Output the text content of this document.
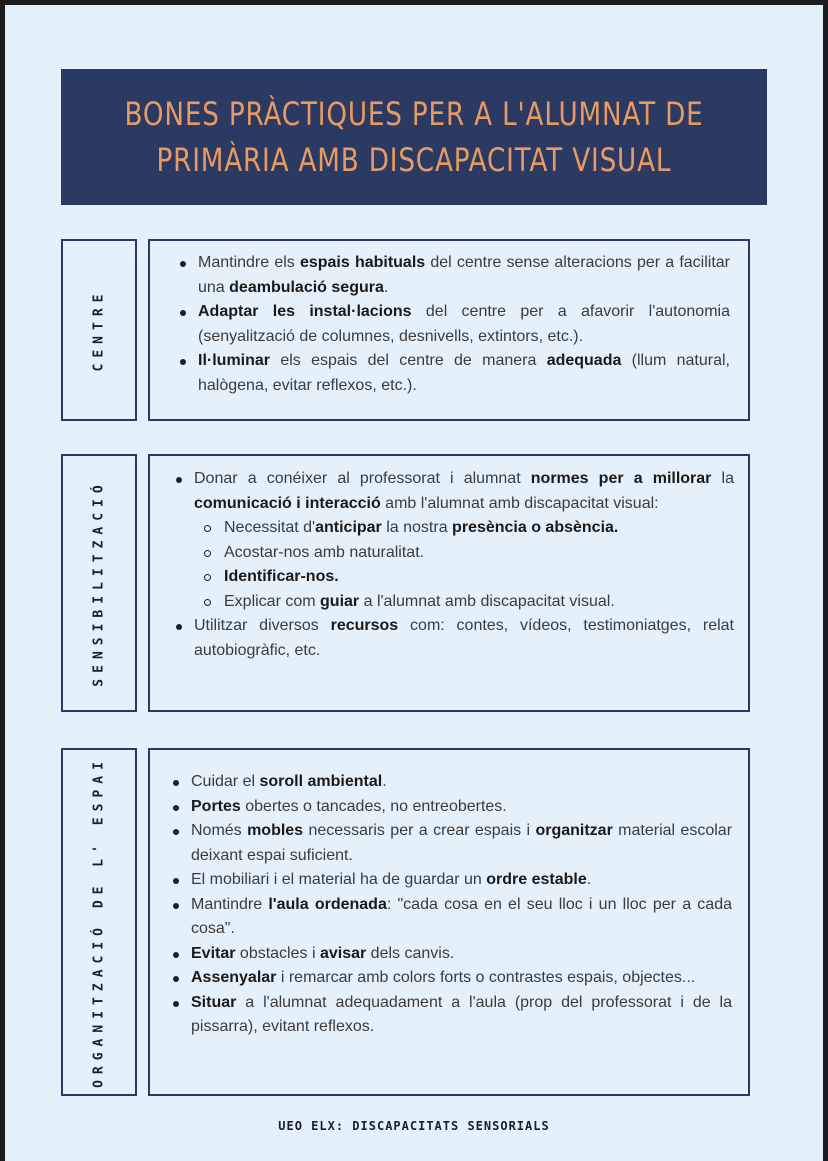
BONES PRÀCTIQUES PER A L'ALUMNAT DE
PRIMÀRIA AMB DISCAPACITAT VISUAL
CENTRE
Mantindre els espais habituals del centre sense alteracions per a facilitar una deambulació segura.
Adaptar les instal·lacions del centre per a afavorir l'autonomia (senyalització de columnes, desnivells, extintors, etc.).
Il·luminar els espais del centre de manera adequada (llum natural, halògena, evitar reflexos, etc.).
SENSIBILITZACIÓ
Donar a conéixer al professorat i alumnat normes per a millorar la comunicació i interacció amb l'alumnat amb discapacitat visual:
Necessitat d'anticipar la nostra presència o absència.
Acostar-nos amb naturalitat.
Identificar-nos.
Explicar com guiar a l'alumnat amb discapacitat visual.
Utilitzar diversos recursos com: contes, vídeos, testimoniatges, relat autobiogràfic, etc.
ORGANITZACIÓ DE L' ESPAI	Cuidar el soroll ambiental.
Portes obertes o tancades, no entreobertes.
Només mobles necessaris per a crear espais i organitzar material escolar deixant espai suficient.
El mobiliari i el material ha de guardar un ordre estable.
Mantindre l'aula ordenada: "cada cosa en el seu lloc i un lloc per a cada cosa".
Evitar obstacles i avisar dels canvis.
Assenyalar i remarcar amb colors forts o contrastes espais, objectes...
Situar a l'alumnat adequadament a l'aula (prop del professorat i de la pissarra), evitant reflexos.
UEO ELX: DISCAPACITATS SENSORIALS
